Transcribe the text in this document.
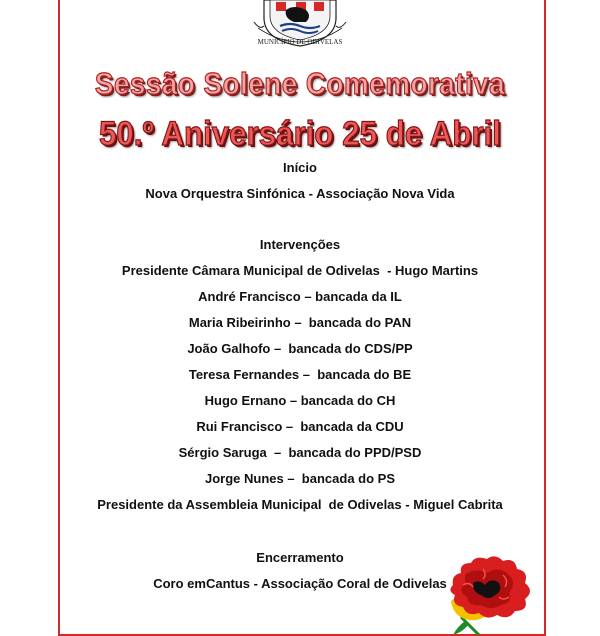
MUNICÍPIO DE ODIVELAS
Sessão Solene Comemorativa
50.º Aniversário 25 de Abril
Início
Nova Orquestra Sinfónica - Associação Nova Vida
Intervenções
Presidente Câmara Municipal de Odivelas  - Hugo Martins
André Francisco – bancada da IL
Maria Ribeirinho –  bancada do PAN
João Galhofo –  bancada do CDS/PP
Teresa Fernandes –  bancada do BE
Hugo Ernano – bancada do CH
Rui Francisco –  bancada da CDU
Sérgio Saruga  –  bancada do PPD/PSD
Jorge Nunes –  bancada do PS
Presidente da Assembleia Municipal  de Odivelas - Miguel Cabrita
Encerramento
Coro emCantus - Associação Coral de Odivelas
